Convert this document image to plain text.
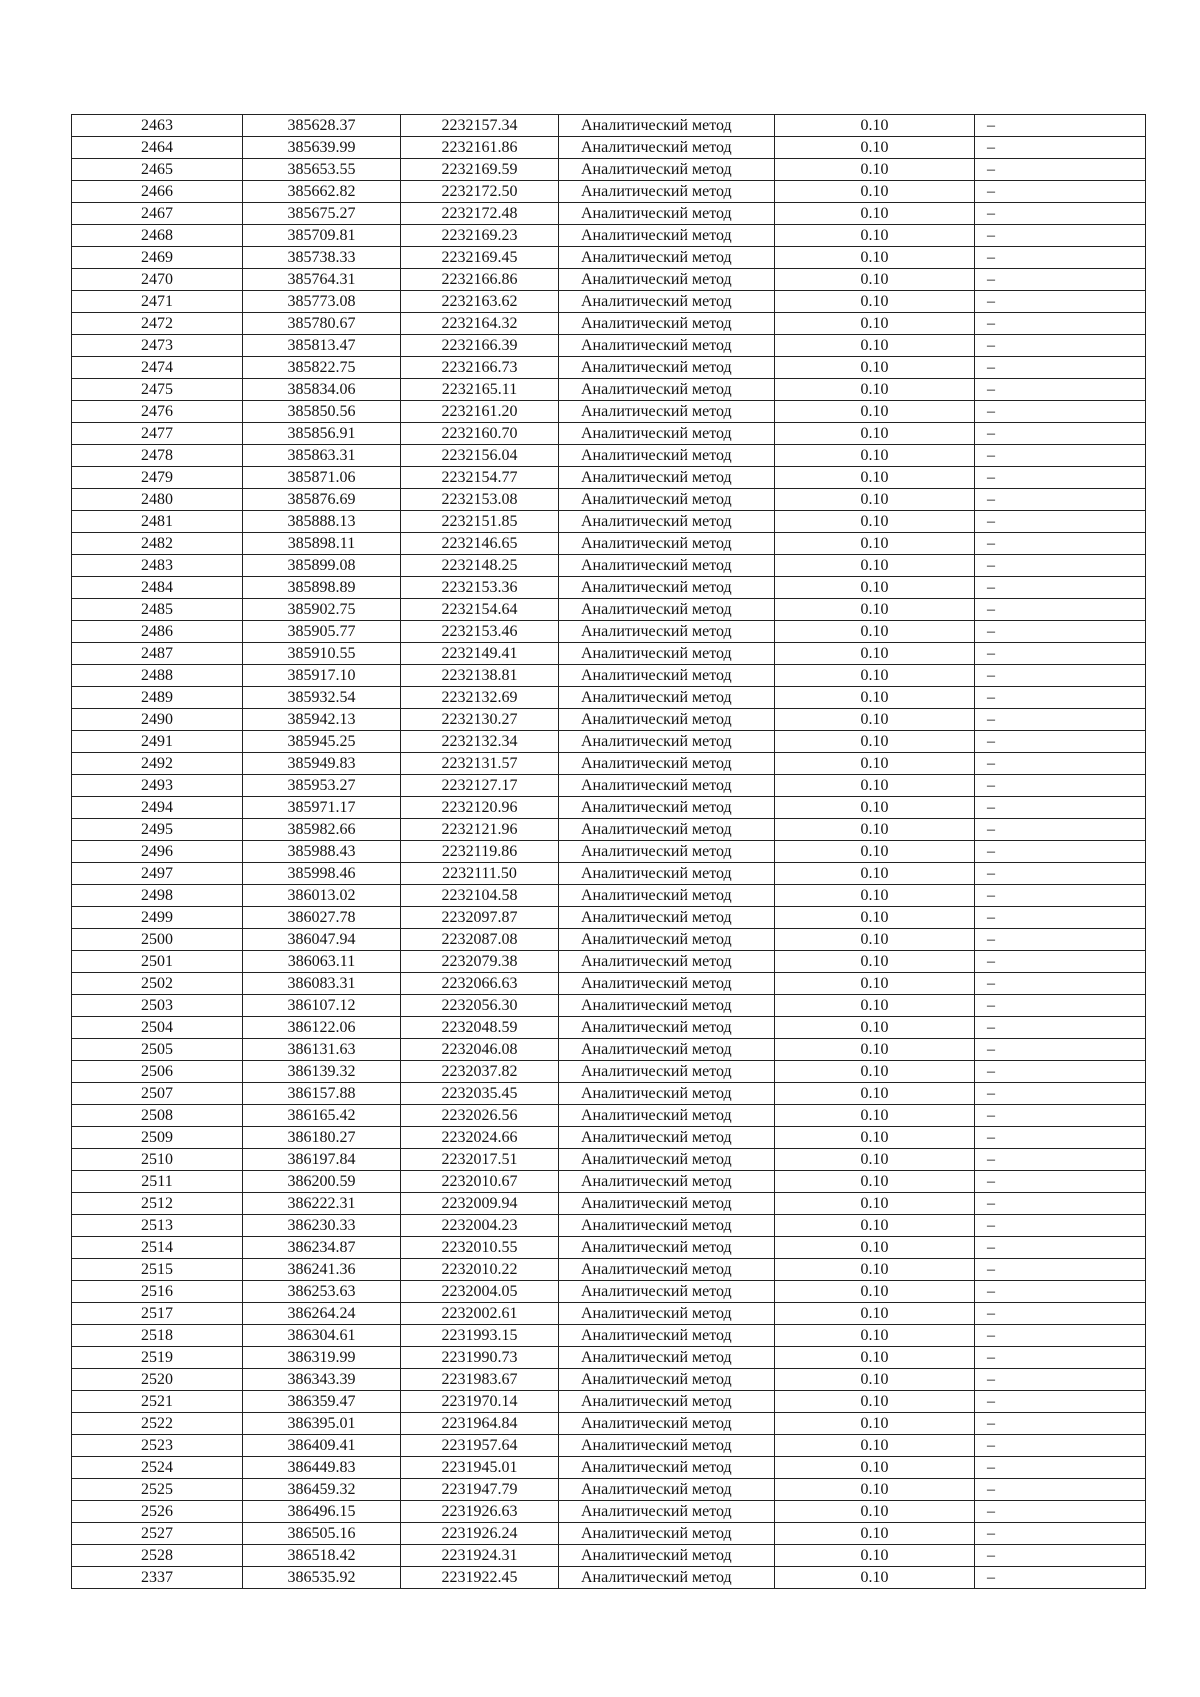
2463	385628.37	2232157.34	Аналитический метод	0.10	–
2464	385639.99	2232161.86	Аналитический метод	0.10	–
2465	385653.55	2232169.59	Аналитический метод	0.10	–
2466	385662.82	2232172.50	Аналитический метод	0.10	–
2467	385675.27	2232172.48	Аналитический метод	0.10	–
2468	385709.81	2232169.23	Аналитический метод	0.10	–
2469	385738.33	2232169.45	Аналитический метод	0.10	–
2470	385764.31	2232166.86	Аналитический метод	0.10	–
2471	385773.08	2232163.62	Аналитический метод	0.10	–
2472	385780.67	2232164.32	Аналитический метод	0.10	–
2473	385813.47	2232166.39	Аналитический метод	0.10	–
2474	385822.75	2232166.73	Аналитический метод	0.10	–
2475	385834.06	2232165.11	Аналитический метод	0.10	–
2476	385850.56	2232161.20	Аналитический метод	0.10	–
2477	385856.91	2232160.70	Аналитический метод	0.10	–
2478	385863.31	2232156.04	Аналитический метод	0.10	–
2479	385871.06	2232154.77	Аналитический метод	0.10	–
2480	385876.69	2232153.08	Аналитический метод	0.10	–
2481	385888.13	2232151.85	Аналитический метод	0.10	–
2482	385898.11	2232146.65	Аналитический метод	0.10	–
2483	385899.08	2232148.25	Аналитический метод	0.10	–
2484	385898.89	2232153.36	Аналитический метод	0.10	–
2485	385902.75	2232154.64	Аналитический метод	0.10	–
2486	385905.77	2232153.46	Аналитический метод	0.10	–
2487	385910.55	2232149.41	Аналитический метод	0.10	–
2488	385917.10	2232138.81	Аналитический метод	0.10	–
2489	385932.54	2232132.69	Аналитический метод	0.10	–
2490	385942.13	2232130.27	Аналитический метод	0.10	–
2491	385945.25	2232132.34	Аналитический метод	0.10	–
2492	385949.83	2232131.57	Аналитический метод	0.10	–
2493	385953.27	2232127.17	Аналитический метод	0.10	–
2494	385971.17	2232120.96	Аналитический метод	0.10	–
2495	385982.66	2232121.96	Аналитический метод	0.10	–
2496	385988.43	2232119.86	Аналитический метод	0.10	–
2497	385998.46	2232111.50	Аналитический метод	0.10	–
2498	386013.02	2232104.58	Аналитический метод	0.10	–
2499	386027.78	2232097.87	Аналитический метод	0.10	–
2500	386047.94	2232087.08	Аналитический метод	0.10	–
2501	386063.11	2232079.38	Аналитический метод	0.10	–
2502	386083.31	2232066.63	Аналитический метод	0.10	–
2503	386107.12	2232056.30	Аналитический метод	0.10	–
2504	386122.06	2232048.59	Аналитический метод	0.10	–
2505	386131.63	2232046.08	Аналитический метод	0.10	–
2506	386139.32	2232037.82	Аналитический метод	0.10	–
2507	386157.88	2232035.45	Аналитический метод	0.10	–
2508	386165.42	2232026.56	Аналитический метод	0.10	–
2509	386180.27	2232024.66	Аналитический метод	0.10	–
2510	386197.84	2232017.51	Аналитический метод	0.10	–
2511	386200.59	2232010.67	Аналитический метод	0.10	–
2512	386222.31	2232009.94	Аналитический метод	0.10	–
2513	386230.33	2232004.23	Аналитический метод	0.10	–
2514	386234.87	2232010.55	Аналитический метод	0.10	–
2515	386241.36	2232010.22	Аналитический метод	0.10	–
2516	386253.63	2232004.05	Аналитический метод	0.10	–
2517	386264.24	2232002.61	Аналитический метод	0.10	–
2518	386304.61	2231993.15	Аналитический метод	0.10	–
2519	386319.99	2231990.73	Аналитический метод	0.10	–
2520	386343.39	2231983.67	Аналитический метод	0.10	–
2521	386359.47	2231970.14	Аналитический метод	0.10	–
2522	386395.01	2231964.84	Аналитический метод	0.10	–
2523	386409.41	2231957.64	Аналитический метод	0.10	–
2524	386449.83	2231945.01	Аналитический метод	0.10	–
2525	386459.32	2231947.79	Аналитический метод	0.10	–
2526	386496.15	2231926.63	Аналитический метод	0.10	–
2527	386505.16	2231926.24	Аналитический метод	0.10	–
2528	386518.42	2231924.31	Аналитический метод	0.10	–
2337	386535.92	2231922.45	Аналитический метод	0.10	–
